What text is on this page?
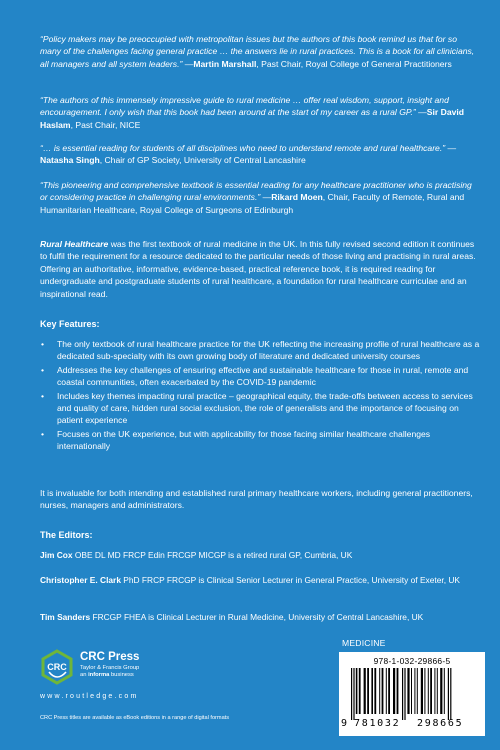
“Policy makers may be preoccupied with metropolitan issues but the authors of this book remind us that for so many of the challenges facing general practice … the answers lie in rural practices. This is a book for all clinicians, all managers and all system leaders.” —Martin Marshall, Past Chair, Royal College of General Practitioners
“The authors of this immensely impressive guide to rural medicine … offer real wisdom, support, insight and encouragement. I only wish that this book had been around at the start of my career as a rural GP.” —Sir David Haslam, Past Chair, NICE
“… is essential reading for students of all disciplines who need to understand remote and rural healthcare.” —Natasha Singh, Chair of GP Society, University of Central Lancashire
“This pioneering and comprehensive textbook is essential reading for any healthcare practitioner who is practising or considering practice in challenging rural environments.” —Rikard Moen, Chair, Faculty of Remote, Rural and Humanitarian Healthcare, Royal College of Surgeons of Edinburgh
Rural Healthcare was the first textbook of rural medicine in the UK. In this fully revised second edition it continues to fulfil the requirement for a resource dedicated to the particular needs of those living and practising in rural areas. Offering an authoritative, informative, evidence-based, practical reference book, it is required reading for undergraduate and postgraduate students of rural healthcare, a foundation for rural healthcare curriculae and an inspirational read.
Key Features:
• The only textbook of rural healthcare practice for the UK reflecting the increasing profile of rural healthcare as a dedicated sub-specialty with its own growing body of literature and dedicated university courses
• Addresses the key challenges of ensuring effective and sustainable healthcare for those in rural, remote and coastal communities, often exacerbated by the COVID-19 pandemic
• Includes key themes impacting rural practice – geographical equity, the trade-offs between access to services and quality of care, hidden rural social exclusion, the role of generalists and the importance of focusing on patient experience
• Focuses on the UK experience, but with applicability for those facing similar healthcare challenges internationally
It is invaluable for both intending and established rural primary healthcare workers, including general practitioners, nurses, managers and administrators.
The Editors:
Jim Cox OBE DL MD FRCP Edin FRCGP MICGP is a retired rural GP, Cumbria, UK
Christopher E. Clark PhD FRCP FRCGP is Clinical Senior Lecturer in General Practice, University of Exeter, UK
Tim Sanders FRCGP FHEA is Clinical Lecturer in Rural Medicine, University of Central Lancashire, UK
MEDICINE
978-1-032-29866-5
9 781032 298665
CRC
CRC Press
Taylor & Francis Group
an informa business
www.routledge.com
CRC Press titles are available as eBook editions in a range of digital formats
